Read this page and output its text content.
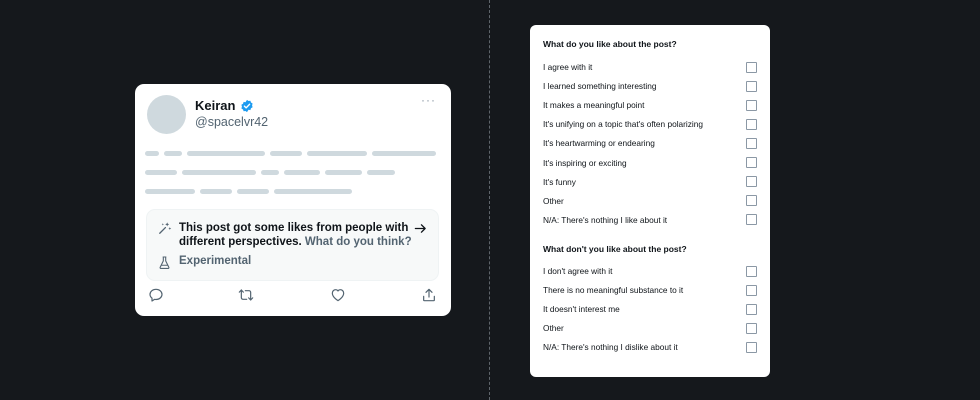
Keiran
@spacelvr42
···
This post got some likes from people with different perspectives. What do you think?
Experimental
What do you like about the post?
I agree with it
I learned something interesting
It makes a meaningful point
It's unifying on a topic that's often polarizing
It's heartwarming or endearing
It's inspiring or exciting
It's funny
Other
N/A: There's nothing I like about it
What don't you like about the post?
I don't agree with it
There is no meaningful substance to it
It doesn't interest me
Other
N/A: There's nothing I dislike about it
